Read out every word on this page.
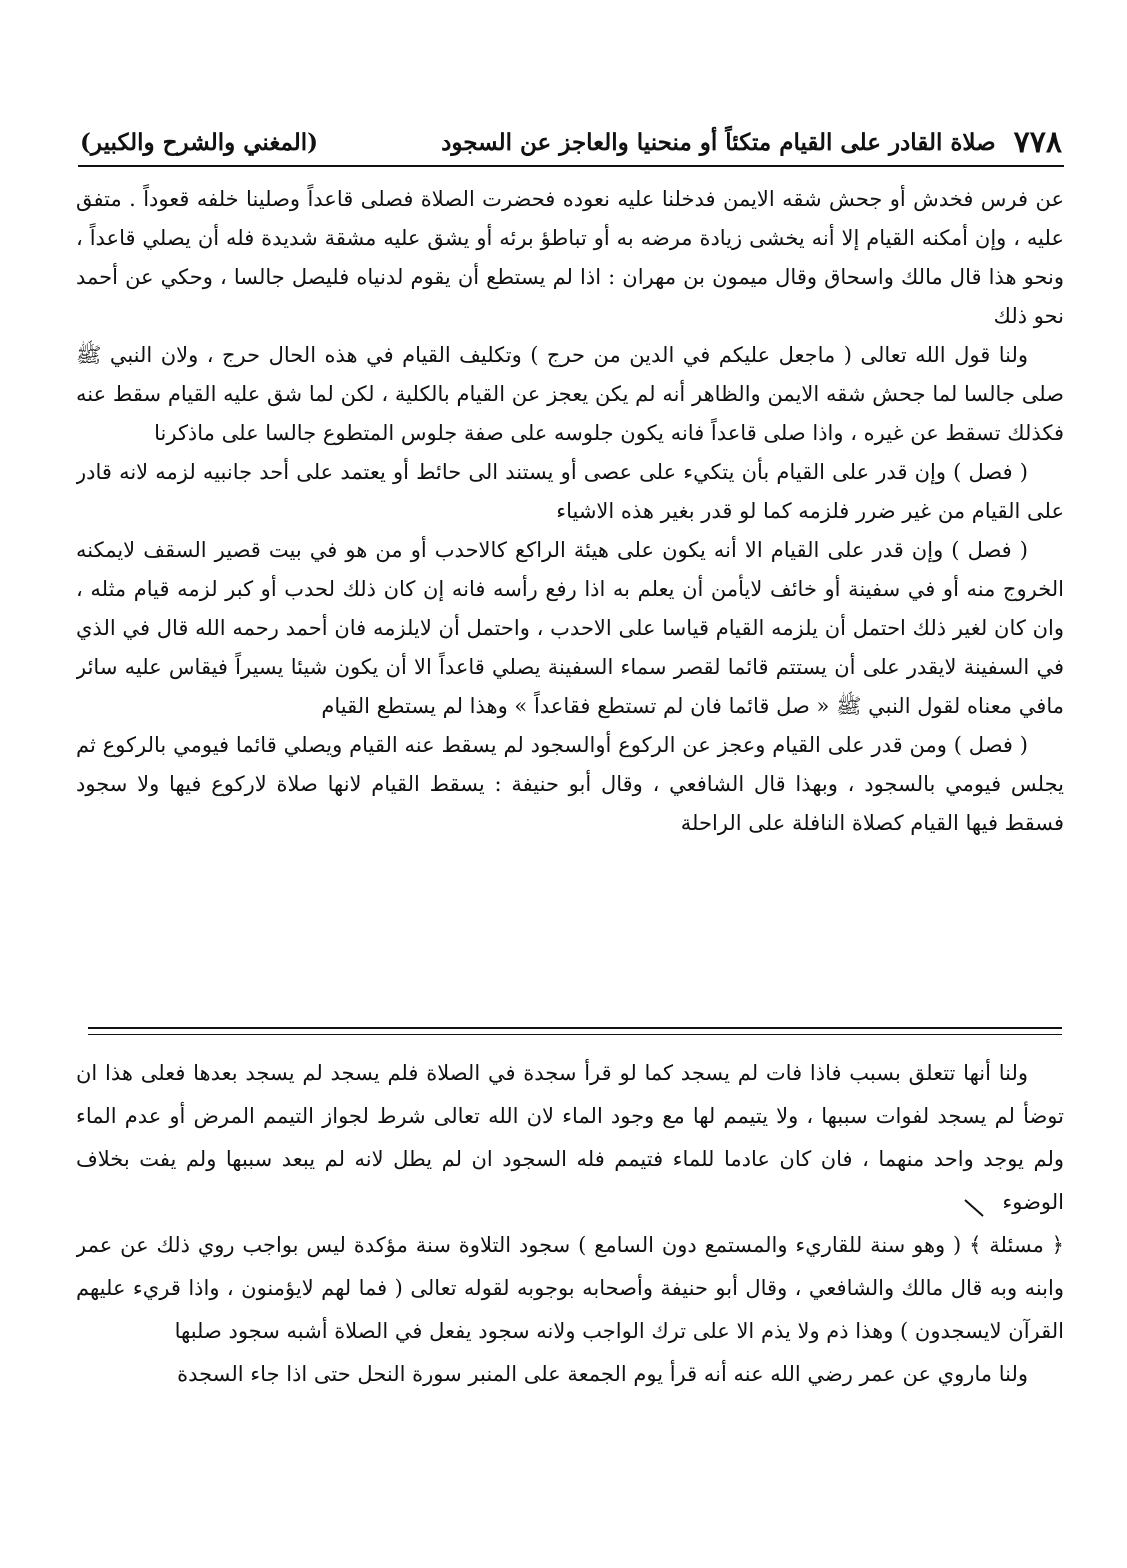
٧٧٨
صلاة القادر على القيام متكئاً أو منحنيا والعاجز عن السجود
(المغني والشرح والكبير)

عن فرس فخدش أو جحش شقه الايمن فدخلنا عليه نعوده فحضرت الصلاة فصلى قاعداً وصلينا خلفه قعوداً . متفق عليه ، وإن أمكنه القيام إلا أنه يخشى زيادة مرضه به أو تباطؤ برئه أو يشق عليه مشقة شديدة فله أن يصلي قاعداً ، ونحو هذا قال مالك واسحاق وقال ميمون بن مهران : اذا لم يستطع أن يقوم لدنياه فليصل جالسا ، وحكي عن أحمد نحو ذلك

ولنا قول الله تعالى ( ماجعل عليكم في الدين من حرج ) وتكليف القيام في هذه الحال حرج ، ولان النبي ﷺ صلى جالسا لما جحش شقه الايمن والظاهر أنه لم يكن يعجز عن القيام بالكلية ، لكن لما شق عليه القيام سقط عنه فكذلك تسقط عن غيره ، واذا صلى قاعداً فانه يكون جلوسه على صفة جلوس المتطوع جالسا على ماذكرنا

( فصل ) وإن قدر على القيام بأن يتكيء على عصى أو يستند الى حائط أو يعتمد على أحد جانبيه لزمه لانه قادر على القيام من غير ضرر فلزمه كما لو قدر بغير هذه الاشياء

( فصل ) وإن قدر على القيام الا أنه يكون على هيئة الراكع كالاحدب أو من هو في بيت قصير السقف لايمكنه الخروج منه أو في سفينة أو خائف لايأمن أن يعلم به اذا رفع رأسه فانه إن كان ذلك لحدب أو كبر لزمه قيام مثله ، وان كان لغير ذلك احتمل أن يلزمه القيام قياسا على الاحدب ، واحتمل أن لايلزمه فان أحمد رحمه الله قال في الذي في السفينة لايقدر على أن يستتم قائما لقصر سماء السفينة يصلي قاعداً الا أن يكون شيئا يسيراً فيقاس عليه سائر مافي معناه لقول النبي ﷺ « صل قائما فان لم تستطع فقاعداً » وهذا لم يستطع القيام

( فصل ) ومن قدر على القيام وعجز عن الركوع أوالسجود لم يسقط عنه القيام ويصلي قائما فيومي بالركوع ثم يجلس فيومي بالسجود ، وبهذا قال الشافعي ، وقال أبو حنيفة : يسقط القيام لانها صلاة لاركوع فيها ولا سجود فسقط فيها القيام كصلاة النافلة على الراحلة

ولنا أنها تتعلق بسبب فاذا فات لم يسجد كما لو قرأ سجدة في الصلاة فلم يسجد لم يسجد بعدها فعلى هذا ان توضأ لم يسجد لفوات سببها ، ولا يتيمم لها مع وجود الماء لان الله تعالى شرط لجواز التيمم المرض أو عدم الماء ولم يوجد واحد منهما ، فان كان عادما للماء فتيمم فله السجود ان لم يطل لانه لم يبعد سببها ولم يفت بخلاف الوضوء

﴿ مسئلة ﴾ ( وهو سنة للقاريء والمستمع دون السامع ) سجود التلاوة سنة مؤكدة ليس بواجب روي ذلك عن عمر وابنه وبه قال مالك والشافعي ، وقال أبو حنيفة وأصحابه بوجوبه لقوله تعالى ( فما لهم لايؤمنون ، واذا قريء عليهم القرآن لايسجدون ) وهذا ذم ولا يذم الا على ترك الواجب ولانه سجود يفعل في الصلاة أشبه سجود صلبها

ولنا ماروي عن عمر رضي الله عنه أنه قرأ يوم الجمعة على المنبر سورة النحل حتى اذا جاء السجدة
